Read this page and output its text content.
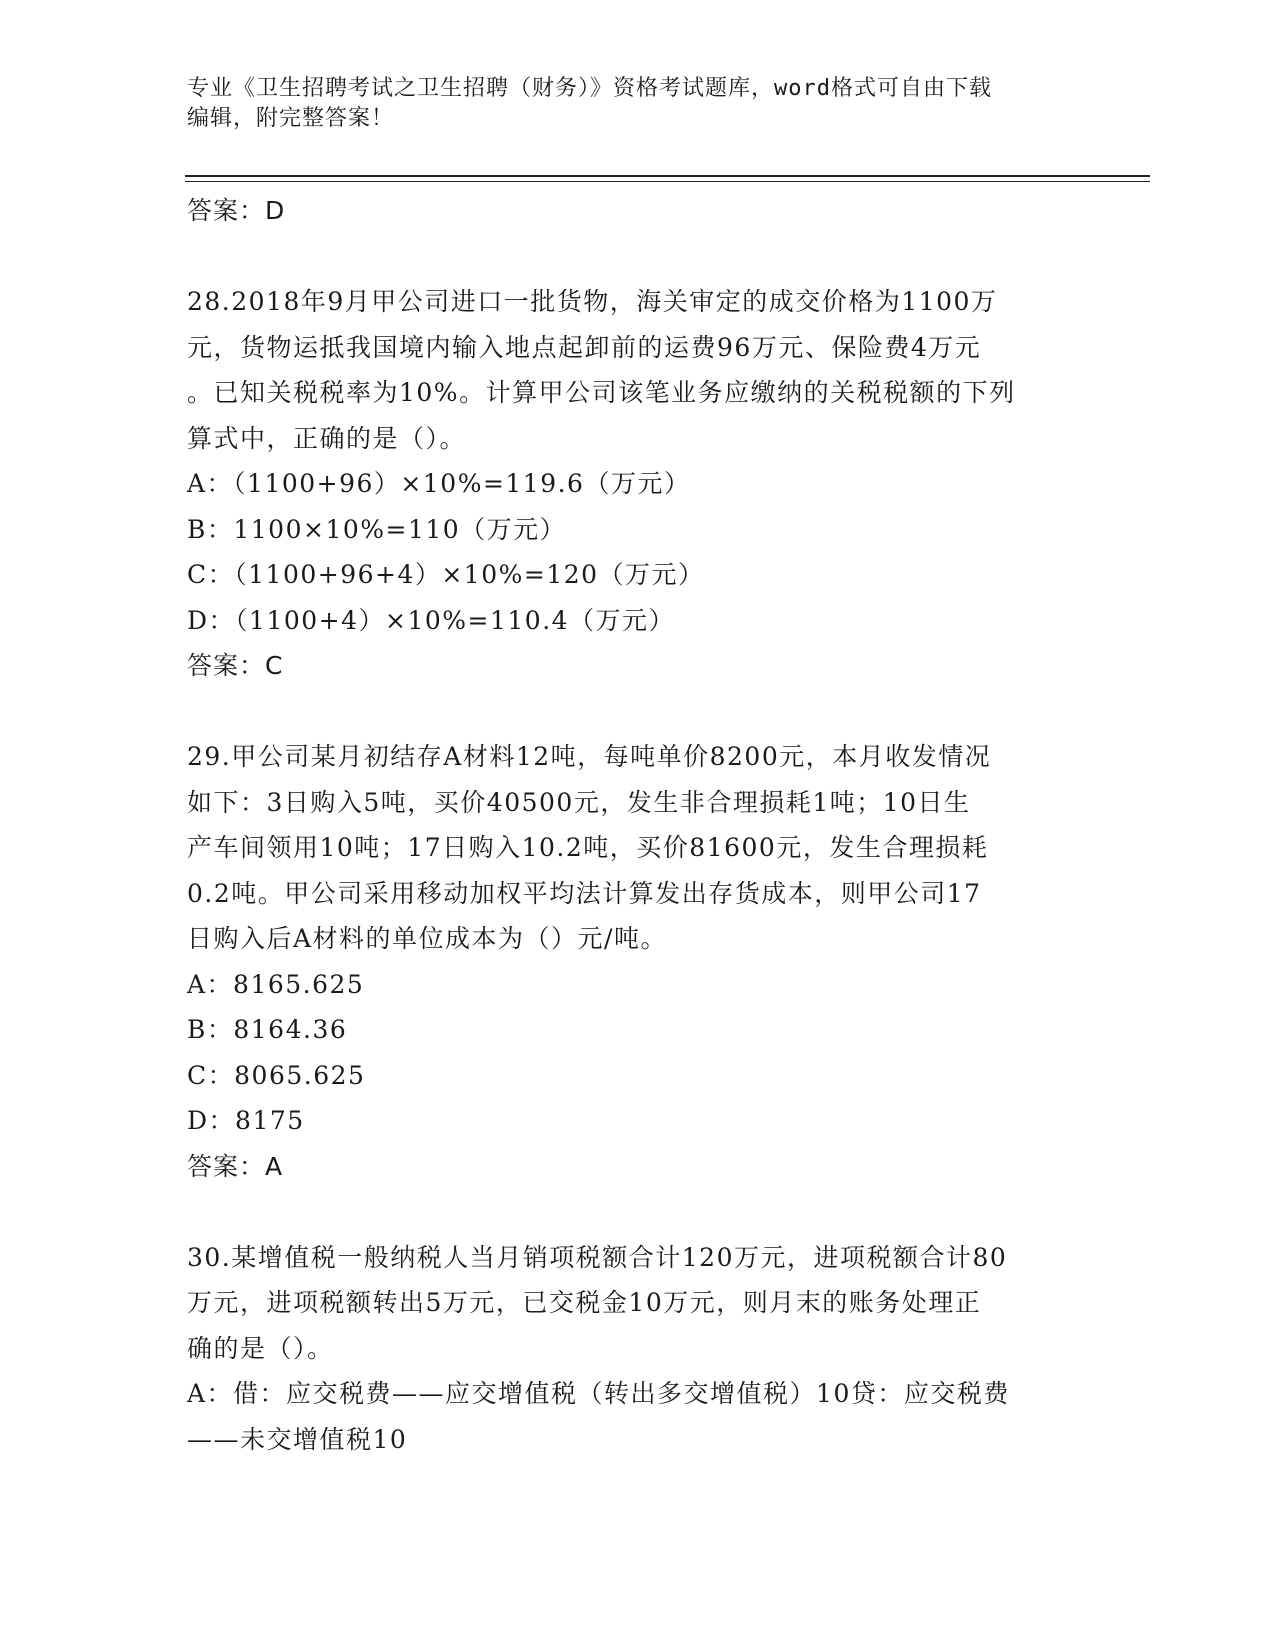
专业《卫生招聘考试之卫生招聘（财务）》资格考试题库，word格式可自由下载
编辑，附完整答案！

答案：D

28.2018年9月甲公司进口一批货物，海关审定的成交价格为1100万

元，货物运抵我国境内输入地点起卸前的运费96万元、保险费4万元

。已知关税税率为10%。计算甲公司该笔业务应缴纳的关税税额的下列

算式中，正确的是（）。

A：（1100+96）×10%=119.6（万元）

B：1100×10%=110（万元）

C：（1100+96+4）×10%=120（万元）

D：（1100+4）×10%=110.4（万元）

答案：C

29.甲公司某月初结存A材料12吨，每吨单价8200元，本月收发情况

如下：3日购入5吨，买价40500元，发生非合理损耗1吨；10日生

产车间领用10吨；17日购入10.2吨，买价81600元，发生合理损耗

0.2吨。甲公司采用移动加权平均法计算发出存货成本，则甲公司17

日购入后A材料的单位成本为（）元/吨。

A：8165.625

B：8164.36

C：8065.625

D：8175

答案：A

30.某增值税一般纳税人当月销项税额合计120万元，进项税额合计80

万元，进项税额转出5万元，已交税金10万元，则月末的账务处理正

确的是（）。

A：借：应交税费——应交增值税（转出多交增值税）10贷：应交税费

——未交增值税10
